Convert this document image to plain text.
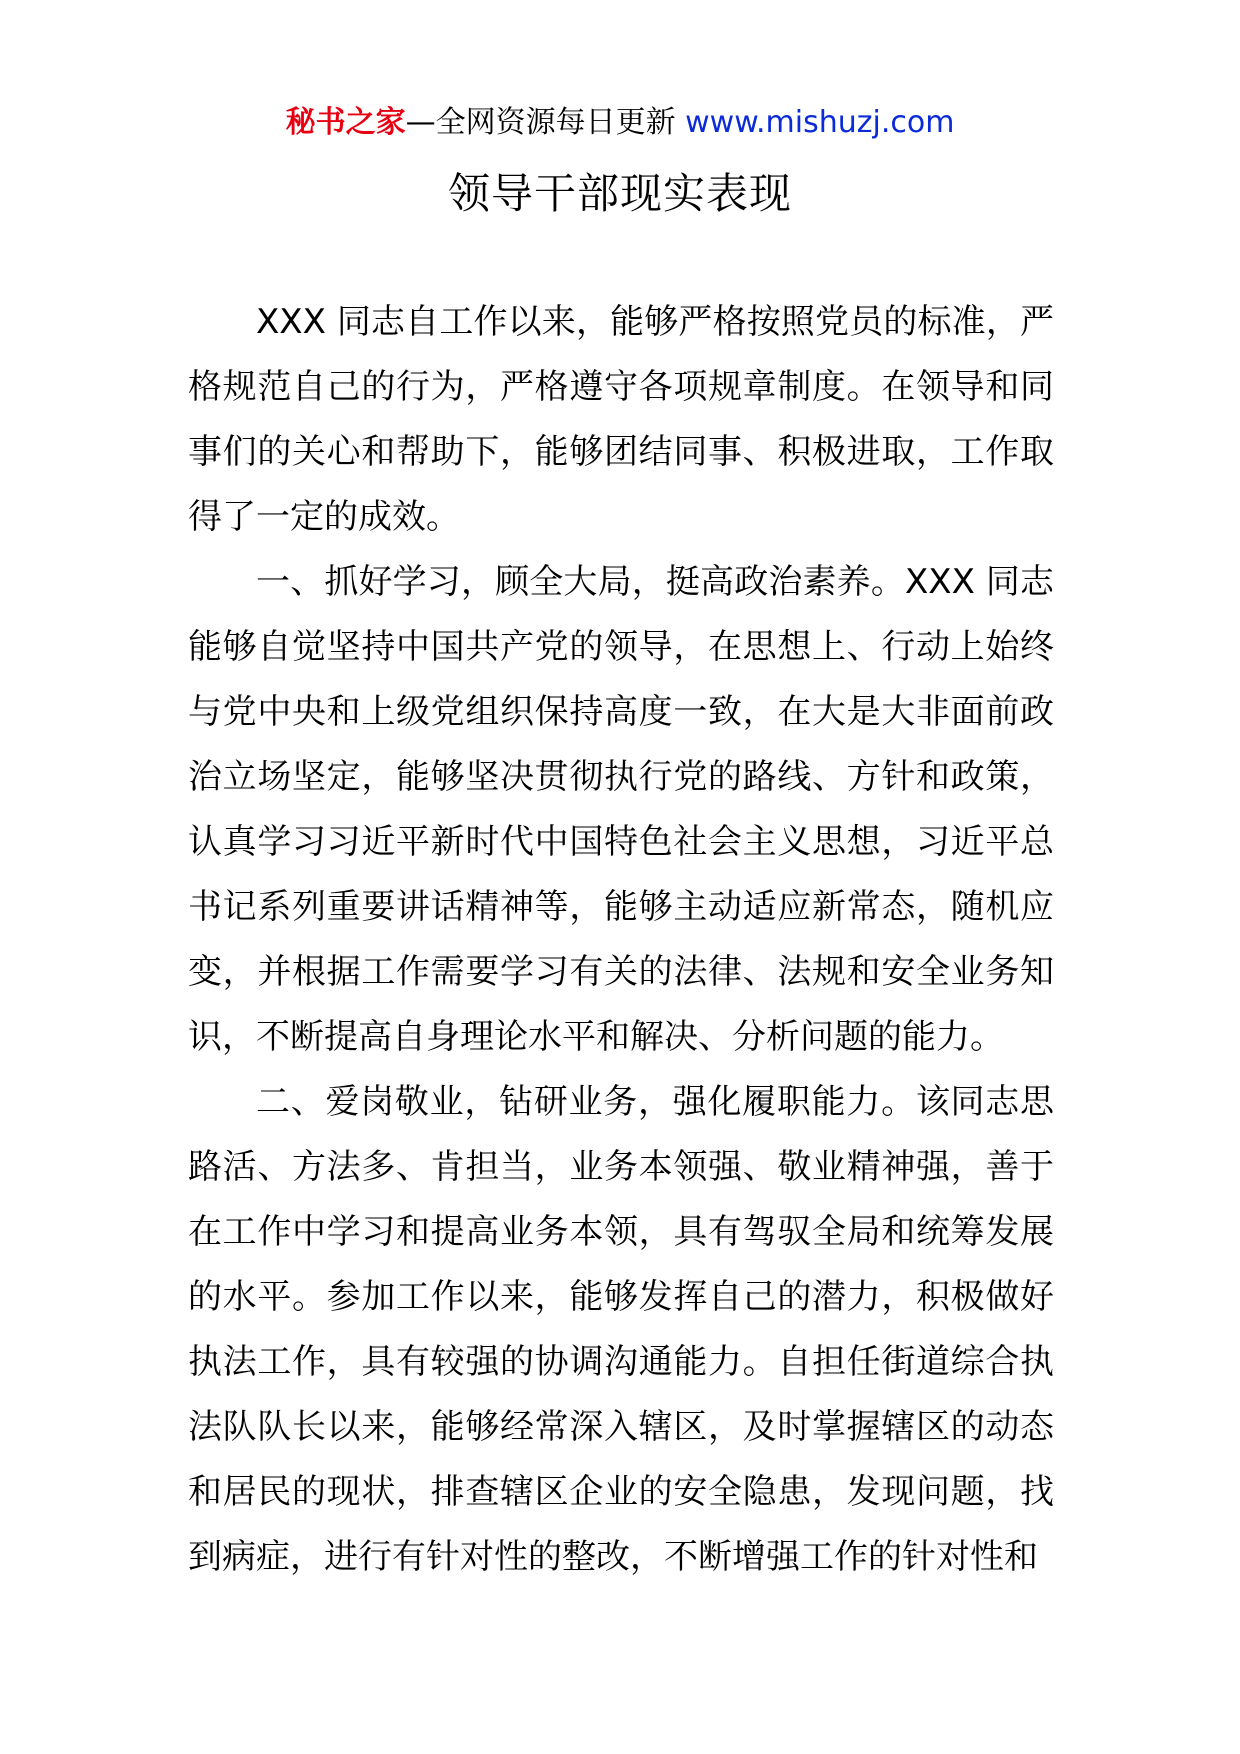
秘书之家—全网资源每日更新 www.mishuzj.com
领导干部现实表现

XXX 同志自工作以来，能够严格按照党员的标准，严格规范自己的行为，严格遵守各项规章制度。在领导和同事们的关心和帮助下，能够团结同事、积极进取，工作取得了一定的成效。

一、抓好学习，顾全大局，挺高政治素养。XXX 同志能够自觉坚持中国共产党的领导，在思想上、行动上始终与党中央和上级党组织保持高度一致，在大是大非面前政治立场坚定，能够坚决贯彻执行党的路线、方针和政策，认真学习习近平新时代中国特色社会主义思想，习近平总书记系列重要讲话精神等，能够主动适应新常态，随机应变，并根据工作需要学习有关的法律、法规和安全业务知识，不断提高自身理论水平和解决、分析问题的能力。

二、爱岗敬业，钻研业务，强化履职能力。该同志思路活、方法多、肯担当，业务本领强、敬业精神强，善于在工作中学习和提高业务本领，具有驾驭全局和统筹发展的水平。参加工作以来，能够发挥自己的潜力，积极做好执法工作，具有较强的协调沟通能力。自担任街道综合执法队队长以来，能够经常深入辖区，及时掌握辖区的动态和居民的现状，排查辖区企业的安全隐患，发现问题，找到病症，进行有针对性的整改，不断增强工作的针对性和
